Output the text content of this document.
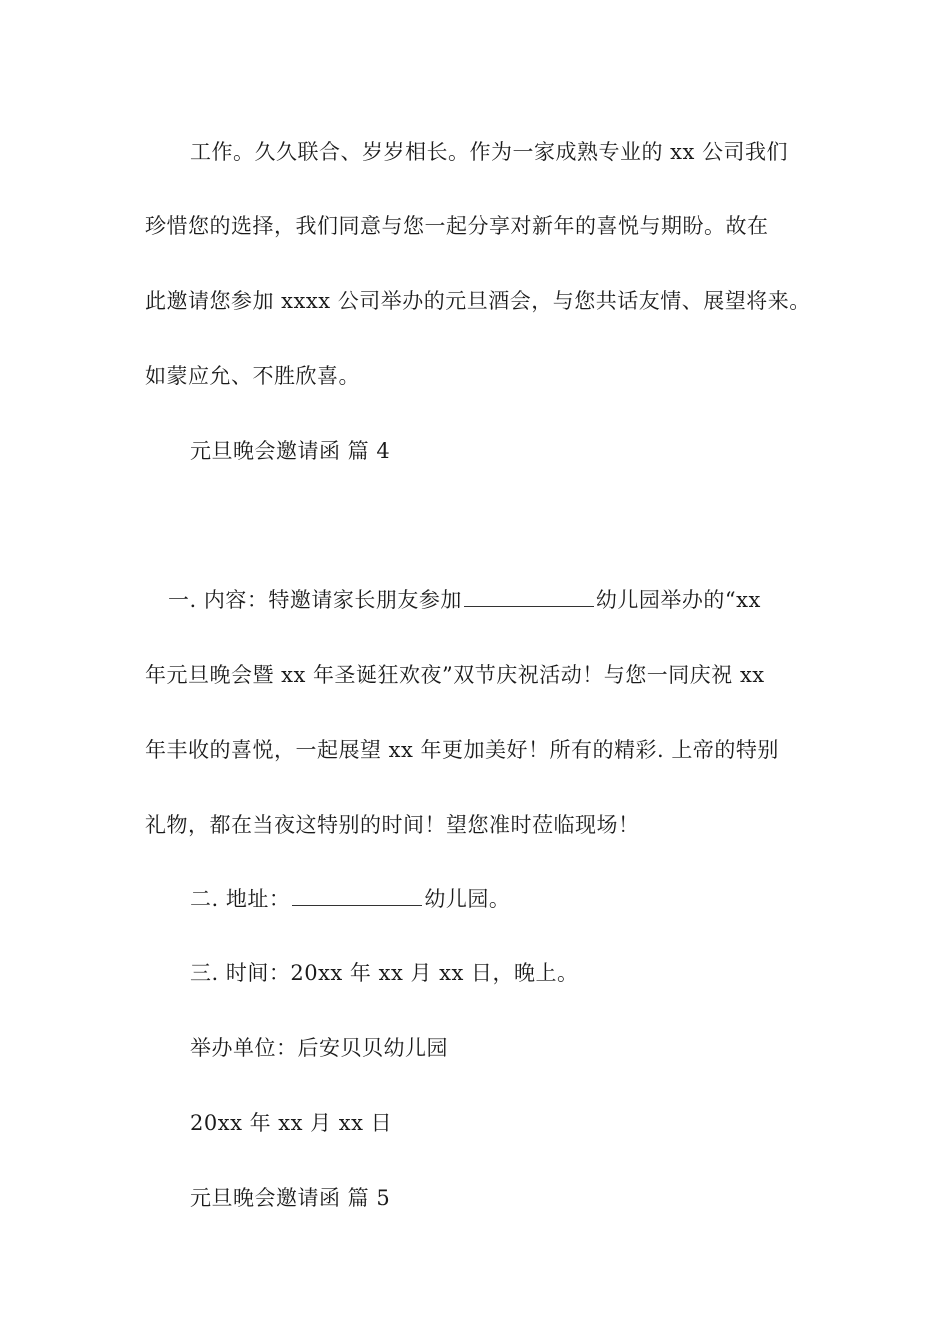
工作。久久联合、岁岁相长。作为一家成熟专业的 xx 公司我们
珍惜您的选择，我们同意与您一起分享对新年的喜悦与期盼。故在
此邀请您参加 xxxx 公司举办的元旦酒会，与您共话友情、展望将来。
如蒙应允、不胜欣喜。
元旦晚会邀请函 篇 4
一. 内容：特邀请家长朋友参加	幼儿园举办的“xx
年元旦晚会暨 xx 年圣诞狂欢夜”双节庆祝活动！与您一同庆祝 xx
年丰收的喜悦，一起展望 xx 年更加美好！所有的精彩. 上帝的特别
礼物，都在当夜这特别的时间！望您准时莅临现场！
二. 地址：	幼儿园。
三. 时间：20xx 年 xx 月 xx 日，晚上。
举办单位：后安贝贝幼儿园
20xx 年 xx 月 xx 日
元旦晚会邀请函 篇 5
